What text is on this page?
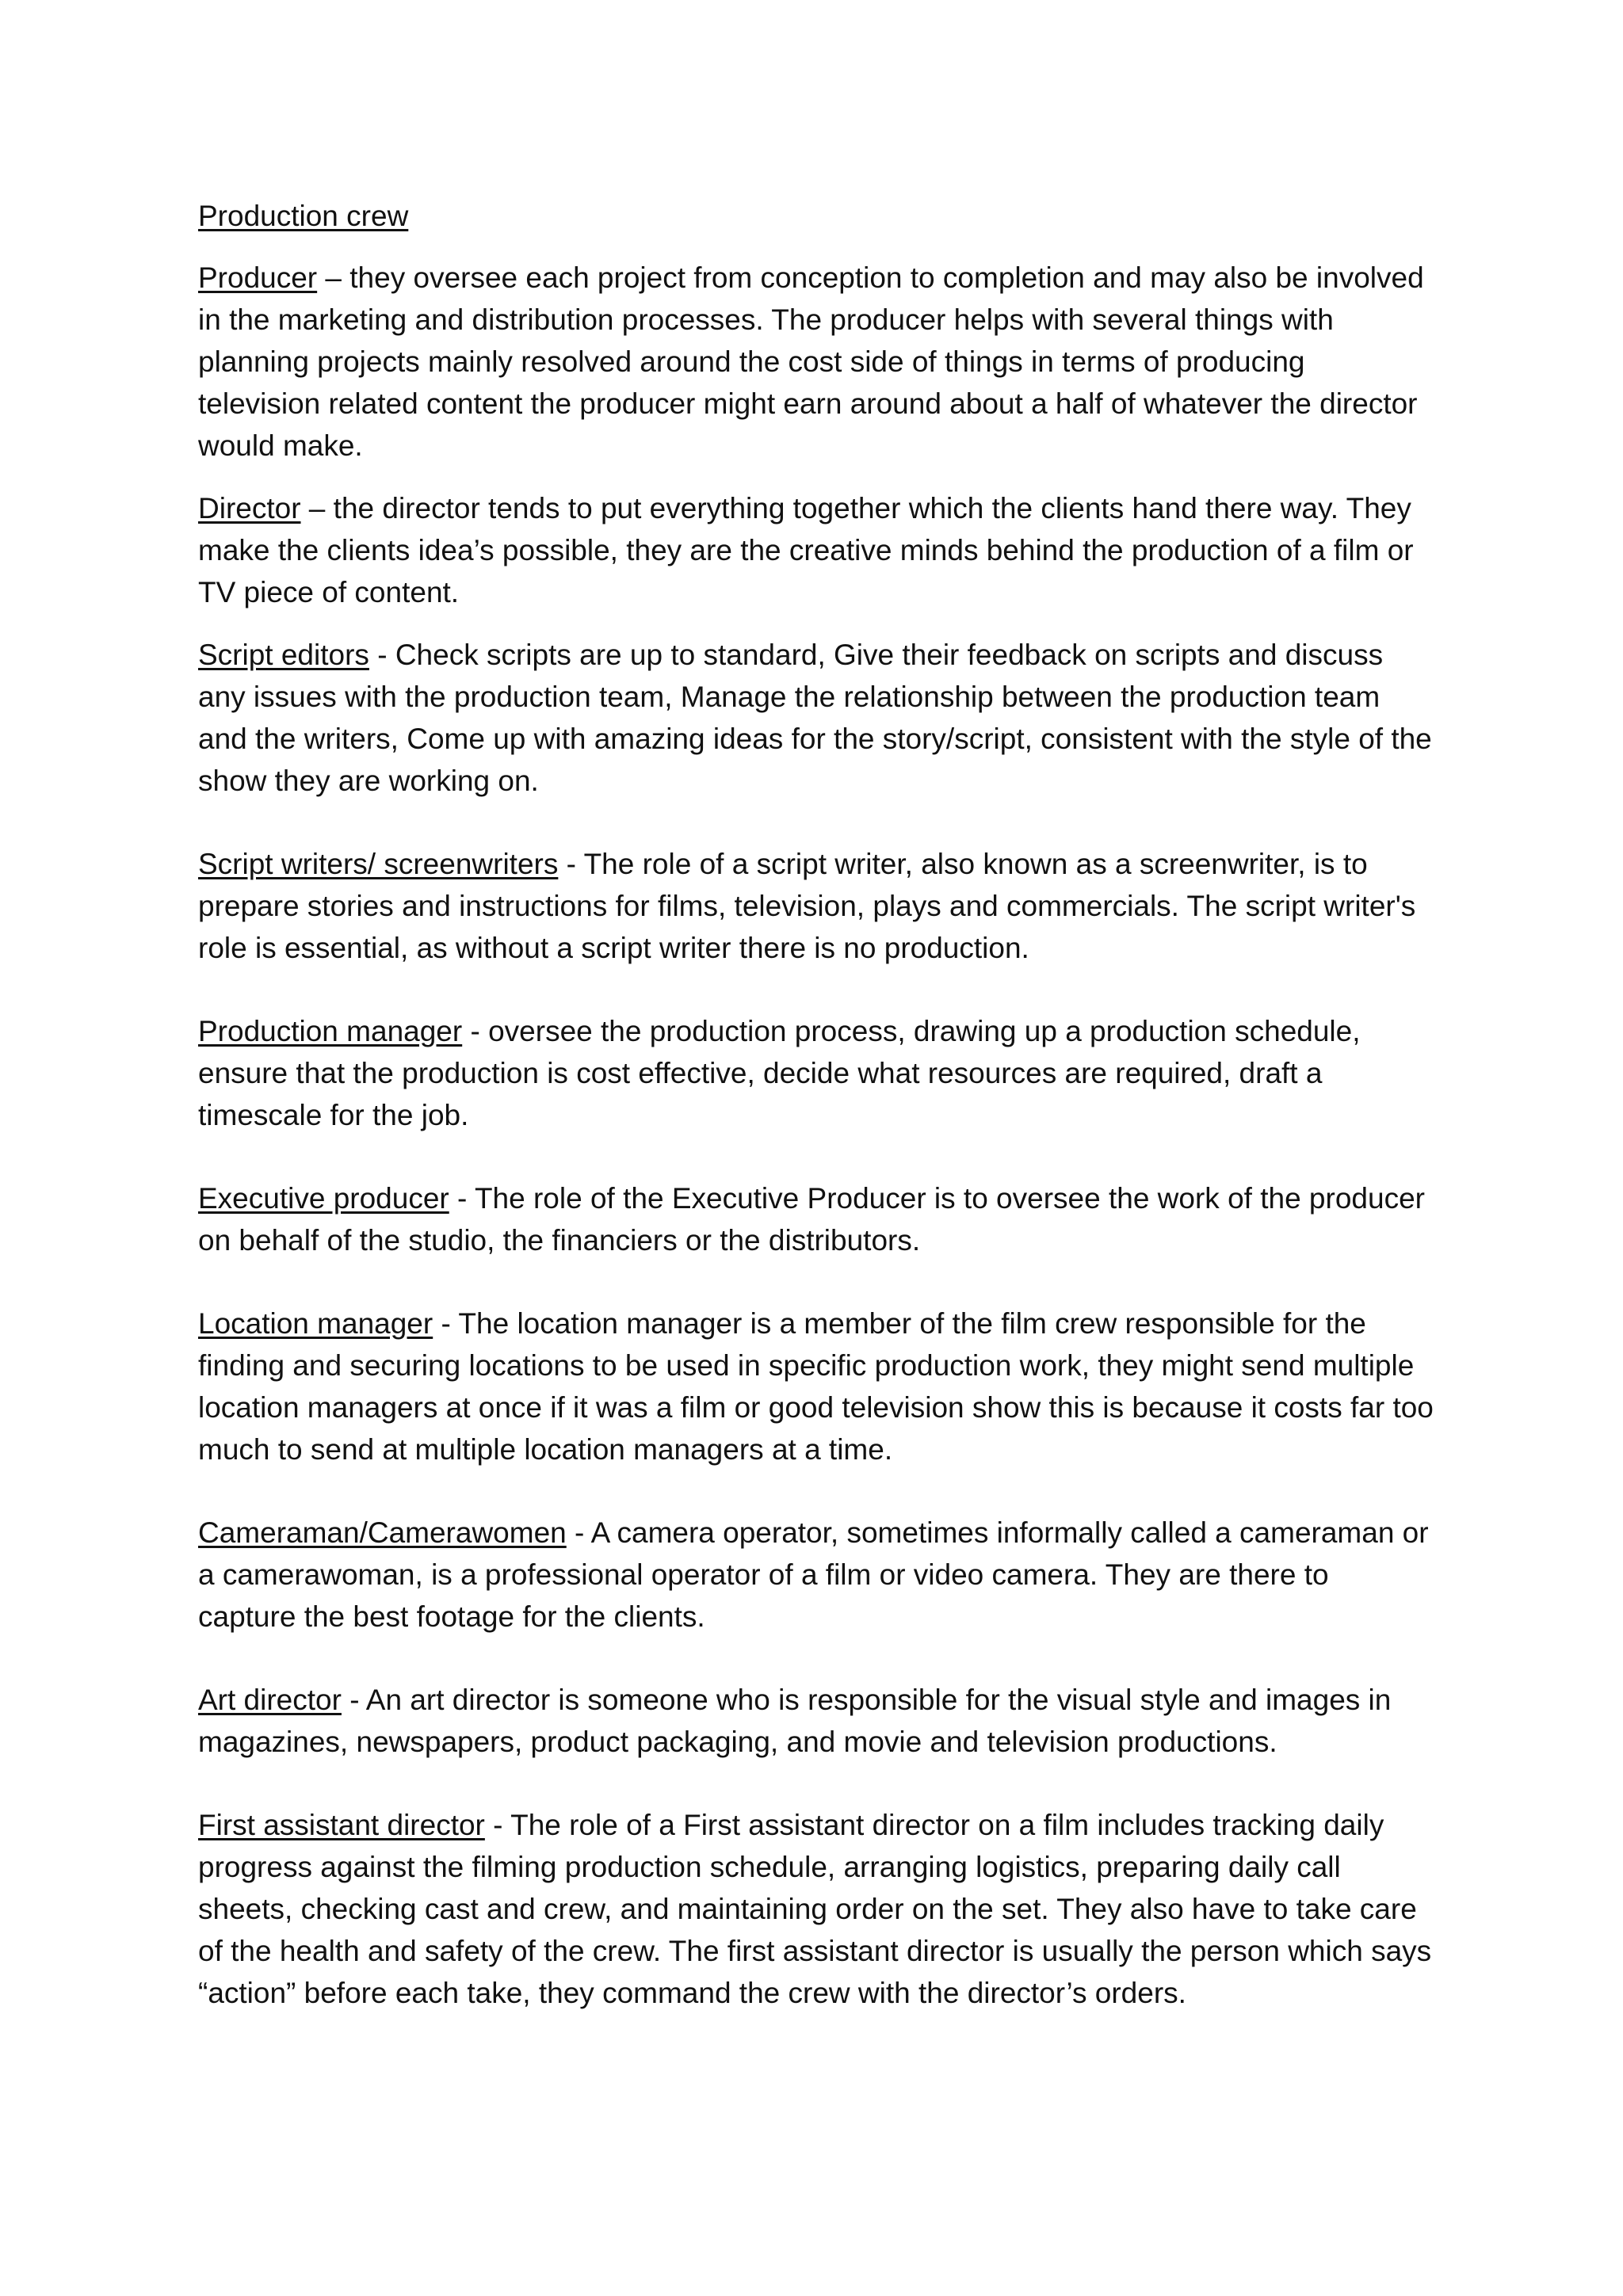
Production crew

Producer – they oversee each project from conception to completion and may also be involved in the marketing and distribution processes. The producer helps with several things with planning projects mainly resolved around the cost side of things in terms of producing television related content the producer might earn around about a half of whatever the director would make.

Director – the director tends to put everything together which the clients hand there way. They make the clients idea’s possible, they are the creative minds behind the production of a film or TV piece of content.

Script editors - Check scripts are up to standard, Give their feedback on scripts and discuss any issues with the production team, Manage the relationship between the production team and the writers, Come up with amazing ideas for the story/script, consistent with the style of the show they are working on.

Script writers/ screenwriters - The role of a script writer, also known as a screenwriter, is to prepare stories and instructions for films, television, plays and commercials. The script writer's role is essential, as without a script writer there is no production.

Production manager - oversee the production process, drawing up a production schedule, ensure that the production is cost effective, decide what resources are required, draft a timescale for the job.

Executive producer - The role of the Executive Producer is to oversee the work of the producer on behalf of the studio, the financiers or the distributors.

Location manager - The location manager is a member of the film crew responsible for the finding and securing locations to be used in specific production work, they might send multiple location managers at once if it was a film or good television show this is because it costs far too much to send at multiple location managers at a time.

Cameraman/Camerawomen - A camera operator, sometimes informally called a cameraman or a camerawoman, is a professional operator of a film or video camera. They are there to capture the best footage for the clients.

Art director - An art director is someone who is responsible for the visual style and images in magazines, newspapers, product packaging, and movie and television productions.

First assistant director - The role of a First assistant director on a film includes tracking daily progress against the filming production schedule, arranging logistics, preparing daily call sheets, checking cast and crew, and maintaining order on the set. They also have to take care of the health and safety of the crew. The first assistant director is usually the person which says “action” before each take, they command the crew with the director’s orders.
